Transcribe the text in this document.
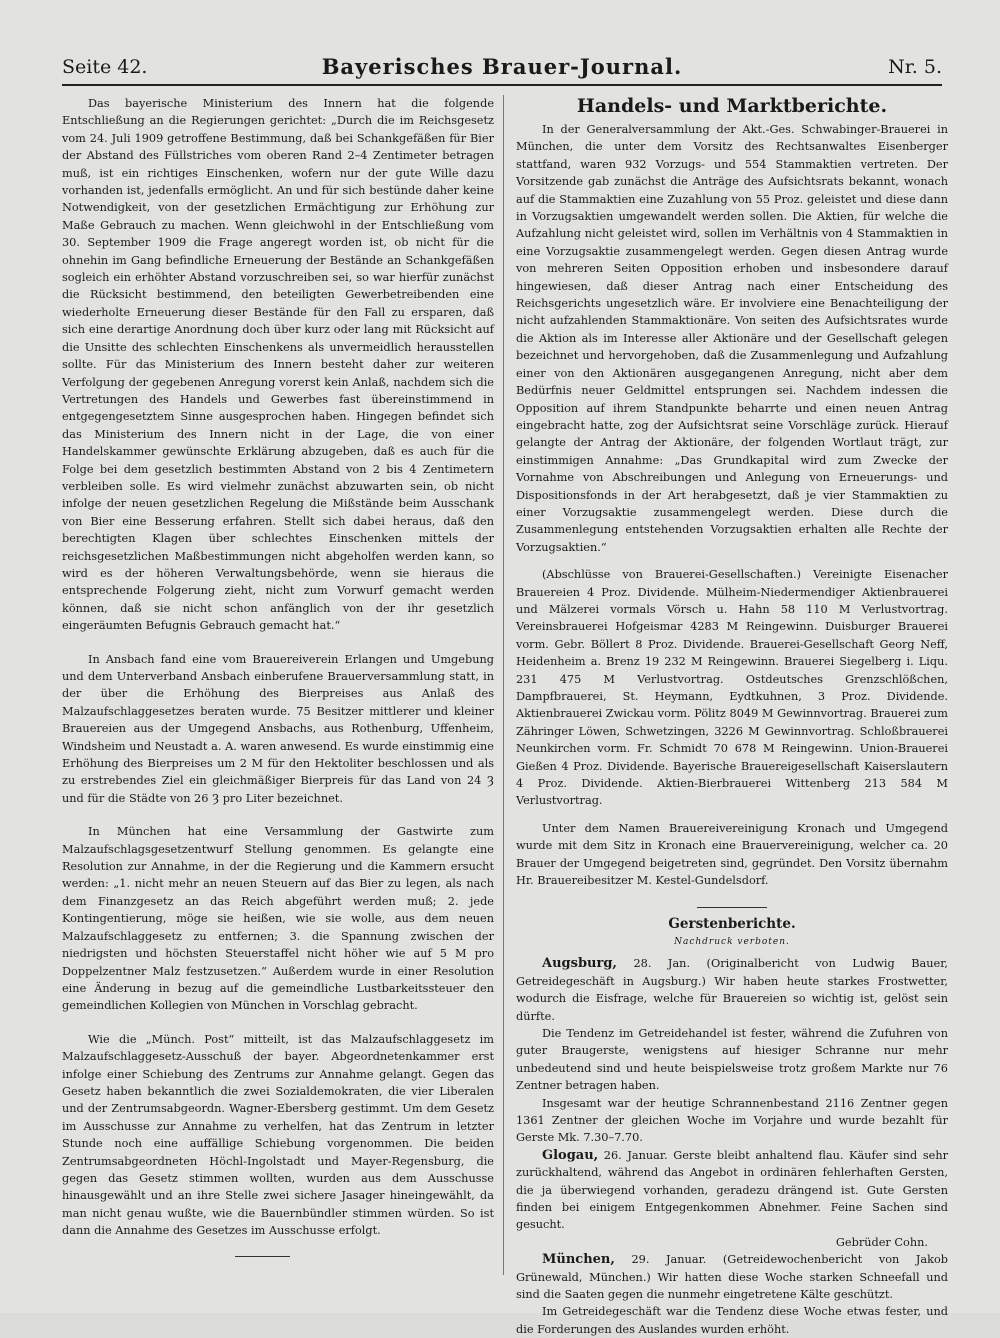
Seite 42.	Bayerisches Brauer-Journal.	Nr. 5.

Das bayerische Ministerium des Innern hat die folgende Entschließung an die Regierungen gerichtet: „Durch die im Reichsgesetz vom 24. Juli 1909 getroffene Bestimmung, daß bei Schankgefäßen für Bier der Abstand des Füllstriches vom oberen Rand 2–4 Zentimeter betragen muß, ist ein richtiges Einschenken, wofern nur der gute Wille dazu vorhanden ist, jedenfalls ermöglicht. An und für sich bestünde daher keine Notwendigkeit, von der gesetzlichen Ermächtigung zur Erhöhung zur Maße Gebrauch zu machen. Wenn gleichwohl in der Entschließung vom 30. September 1909 die Frage angeregt worden ist, ob nicht für die ohnehin im Gang befindliche Erneuerung der Bestände an Schankgefäßen sogleich ein erhöhter Abstand vorzuschreiben sei, so war hierfür zunächst die Rücksicht bestimmend, den beteiligten Gewerbetreibenden eine wiederholte Erneuerung dieser Bestände für den Fall zu ersparen, daß sich eine derartige Anordnung doch über kurz oder lang mit Rücksicht auf die Unsitte des schlechten Einschenkens als unvermeidlich herausstellen sollte. Für das Ministerium des Innern besteht daher zur weiteren Verfolgung der gegebenen Anregung vorerst kein Anlaß, nachdem sich die Vertretungen des Handels und Gewerbes fast übereinstimmend in entgegengesetztem Sinne ausgesprochen haben. Hingegen befindet sich das Ministerium des Innern nicht in der Lage, die von einer Handelskammer gewünschte Erklärung abzugeben, daß es auch für die Folge bei dem gesetzlich bestimmten Abstand von 2 bis 4 Zentimetern verbleiben solle. Es wird vielmehr zunächst abzuwarten sein, ob nicht infolge der neuen gesetzlichen Regelung die Mißstände beim Ausschank von Bier eine Besserung erfahren. Stellt sich dabei heraus, daß den berechtigten Klagen über schlechtes Einschenken mittels der reichsgesetzlichen Maßbestimmungen nicht abgeholfen werden kann, so wird es der höheren Verwaltungsbehörde, wenn sie hieraus die entsprechende Folgerung zieht, nicht zum Vorwurf gemacht werden können, daß sie nicht schon anfänglich von der ihr gesetzlich eingeräumten Befugnis Gebrauch gemacht hat.“

In Ansbach fand eine vom Brauereiverein Erlangen und Umgebung und dem Unterverband Ansbach einberufene Brauerversammlung statt, in der über die Erhöhung des Bierpreises aus Anlaß des Malzaufschlaggesetzes beraten wurde. 75 Besitzer mittlerer und kleiner Brauereien aus der Umgegend Ansbachs, aus Rothenburg, Uffenheim, Windsheim und Neustadt a. A. waren anwesend. Es wurde einstimmig eine Erhöhung des Bierpreises um 2 M für den Hektoliter beschlossen und als zu erstrebendes Ziel ein gleichmäßiger Bierpreis für das Land von 24 Ȝ und für die Städte von 26 Ȝ pro Liter bezeichnet.

In München hat eine Versammlung der Gastwirte zum Malzaufschlagsgesetzentwurf Stellung genommen. Es gelangte eine Resolution zur Annahme, in der die Regierung und die Kammern ersucht werden: „1. nicht mehr an neuen Steuern auf das Bier zu legen, als nach dem Finanzgesetz an das Reich abgeführt werden muß; 2. jede Kontingentierung, möge sie heißen, wie sie wolle, aus dem neuen Malzaufschlaggesetz zu entfernen; 3. die Spannung zwischen der niedrigsten und höchsten Steuerstaffel nicht höher wie auf 5 M pro Doppelzentner Malz festzusetzen.“ Außerdem wurde in einer Resolution eine Änderung in bezug auf die gemeindliche Lustbarkeitssteuer den gemeindlichen Kollegien von München in Vorschlag gebracht.

Wie die „Münch. Post“ mitteilt, ist das Malzaufschlaggesetz im Malzaufschlaggesetz-Ausschuß der bayer. Abgeordnetenkammer erst infolge einer Schiebung des Zentrums zur Annahme gelangt. Gegen das Gesetz haben bekanntlich die zwei Sozialdemokraten, die vier Liberalen und der Zentrumsabgeordn. Wagner-Ebersberg gestimmt. Um dem Gesetz im Ausschusse zur Annahme zu verhelfen, hat das Zentrum in letzter Stunde noch eine auffällige Schiebung vorgenommen. Die beiden Zentrumsabgeordneten Höchl-Ingolstadt und Mayer-Regensburg, die gegen das Gesetz stimmen wollten, wurden aus dem Ausschusse hinausgewählt und an ihre Stelle zwei sichere Jasager hineingewählt, da man nicht genau wußte, wie die Bauernbündler stimmen würden. So ist dann die Annahme des Gesetzes im Ausschusse erfolgt.

Handels- und Marktberichte.

In der Generalversammlung der Akt.-Ges. Schwabinger-Brauerei in München, die unter dem Vorsitz des Rechtsanwaltes Eisenberger stattfand, waren 932 Vorzugs- und 554 Stammaktien vertreten. Der Vorsitzende gab zunächst die Anträge des Aufsichtsrats bekannt, wonach auf die Stammaktien eine Zuzahlung von 55 Proz. geleistet und diese dann in Vorzugsaktien umgewandelt werden sollen. Die Aktien, für welche die Aufzahlung nicht geleistet wird, sollen im Verhältnis von 4 Stammaktien in eine Vorzugsaktie zusammengelegt werden. Gegen diesen Antrag wurde von mehreren Seiten Opposition erhoben und insbesondere darauf hingewiesen, daß dieser Antrag nach einer Entscheidung des Reichsgerichts ungesetzlich wäre. Er involviere eine Benachteiligung der nicht aufzahlenden Stammaktionäre. Von seiten des Aufsichtsrates wurde die Aktion als im Interesse aller Aktionäre und der Gesellschaft gelegen bezeichnet und hervorgehoben, daß die Zusammenlegung und Aufzahlung einer von den Aktionären ausgegangenen Anregung, nicht aber dem Bedürfnis neuer Geldmittel entsprungen sei. Nachdem indessen die Opposition auf ihrem Standpunkte beharrte und einen neuen Antrag eingebracht hatte, zog der Aufsichtsrat seine Vorschläge zurück. Hierauf gelangte der Antrag der Aktionäre, der folgenden Wortlaut trägt, zur einstimmigen Annahme: „Das Grundkapital wird zum Zwecke der Vornahme von Abschreibungen und Anlegung von Erneuerungs- und Dispositionsfonds in der Art herabgesetzt, daß je vier Stammaktien zu einer Vorzugsaktie zusammengelegt werden. Diese durch die Zusammenlegung entstehenden Vorzugsaktien erhalten alle Rechte der Vorzugsaktien.“

(Abschlüsse von Brauerei-Gesellschaften.) Vereinigte Eisenacher Brauereien 4 Proz. Dividende. Mülheim-Niedermendiger Aktienbrauerei und Mälzerei vormals Vörsch u. Hahn 58 110 M Verlustvortrag. Vereinsbrauerei Hofgeismar 4283 M Reingewinn. Duisburger Brauerei vorm. Gebr. Böllert 8 Proz. Dividende. Brauerei-Gesellschaft Georg Neff, Heidenheim a. Brenz 19 232 M Reingewinn. Brauerei Siegelberg i. Liqu. 231 475 M Verlustvortrag. Ostdeutsches Grenzschlößchen, Dampfbrauerei, St. Heymann, Eydtkuhnen, 3 Proz. Dividende. Aktienbrauerei Zwickau vorm. Pölitz 8049 M Gewinnvortrag. Brauerei zum Zähringer Löwen, Schwetzingen, 3226 M Gewinnvortrag. Schloßbrauerei Neunkirchen vorm. Fr. Schmidt 70 678 M Reingewinn. Union-Brauerei Gießen 4 Proz. Dividende. Bayerische Brauereigesellschaft Kaiserslautern 4 Proz. Dividende. Aktien-Bierbrauerei Wittenberg 213 584 M Verlustvortrag.

Unter dem Namen Brauereivereinigung Kronach und Umgegend wurde mit dem Sitz in Kronach eine Brauervereinigung, welcher ca. 20 Brauer der Umgegend beigetreten sind, gegründet. Den Vorsitz übernahm Hr. Brauereibesitzer M. Kestel-Gundelsdorf.

Gerstenberichte.
Nachdruck verboten.

Augsburg, 28. Jan. (Originalbericht von Ludwig Bauer, Getreidegeschäft in Augsburg.) Wir haben heute starkes Frostwetter, wodurch die Eisfrage, welche für Brauereien so wichtig ist, gelöst sein dürfte.

Die Tendenz im Getreidehandel ist fester, während die Zufuhren von guter Braugerste, wenigstens auf hiesiger Schranne nur mehr unbedeutend sind und heute beispielsweise trotz großem Markte nur 76 Zentner betragen haben.

Insgesamt war der heutige Schrannenbestand 2116 Zentner gegen 1361 Zentner der gleichen Woche im Vorjahre und wurde bezahlt für Gerste Mk. 7.30–7.70.

Glogau, 26. Januar. Gerste bleibt anhaltend flau. Käufer sind sehr zurückhaltend, während das Angebot in ordinären fehlerhaften Gersten, die ja überwiegend vorhanden, geradezu drängend ist. Gute Gersten finden bei einigem Entgegenkommen Abnehmer. Feine Sachen sind gesucht.

Gebrüder Cohn.

München, 29. Januar. (Getreidewochenbericht von Jakob Grünewald, München.) Wir hatten diese Woche starken Schneefall und sind die Saaten gegen die nunmehr eingetretene Kälte geschützt.

Im Getreidegeschäft war die Tendenz diese Woche etwas fester, und die Forderungen des Auslandes wurden erhöht.
